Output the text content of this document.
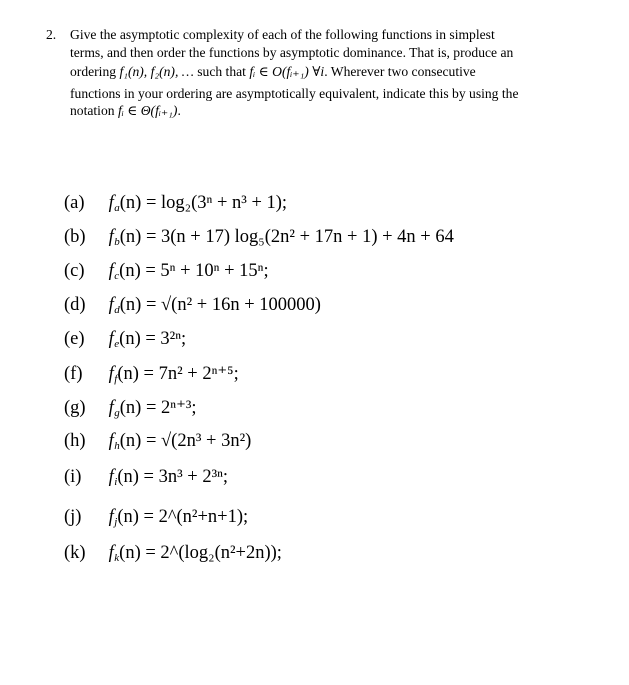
2. Give the asymptotic complexity of each of the following functions in simplest

terms, and then order the functions by asymptotic dominance. That is, produce an

ordering f₁(n), f₂(n), … such that fᵢ ∈ O(fᵢ₊₁) ∀i. Wherever two consecutive

functions in your ordering are asymptotically equivalent, indicate this by using the

notation fᵢ ∈ Θ(fᵢ₊₁).

(a) fa(n) = log₂(3ⁿ + n³ + 1);
(b) fb(n) = 3(n + 17) log₅(2n² + 17n + 1) + 4n + 64
(c) fc(n) = 5ⁿ + 10ⁿ + 15ⁿ;
(d) fd(n) = √(n² + 16n + 100000)
(e) fe(n) = 3²ⁿ;
(f) ff(n) = 7n² + 2ⁿ⁺⁵;
(g) fg(n) = 2ⁿ⁺³;
(h) fh(n) = √(2n³ + 3n²)
(i) fi(n) = 3n³ + 2³ⁿ;
(j) fj(n) = 2^(n²+n+1);
(k) fk(n) = 2^(log₂(n²+2n));
